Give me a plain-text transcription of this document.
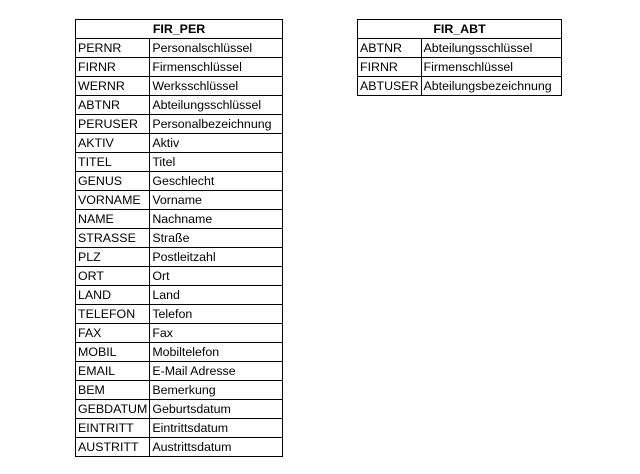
FIR_PER	
PERNR	Personalschlüssel
FIRNR	Firmenschlüssel
WERNR	Werksschlüssel
ABTNR	Abteilungsschlüssel
PERUSER	Personalbezeichnung
AKTIV	Aktiv
TITEL	Titel
GENUS	Geschlecht
VORNAME	Vorname
NAME	Nachname
STRASSE	Straße
PLZ	Postleitzahl
ORT	Ort
LAND	Land
TELEFON	Telefon
FAX	Fax
MOBIL	Mobiltelefon
EMAIL	E-Mail Adresse
BEM	Bemerkung
GEBDATUM	Geburtsdatum
EINTRITT	Eintrittsdatum
AUSTRITT	Austrittsdatum
FIR_ABT	
ABTNR	Abteilungsschlüssel
FIRNR	Firmenschlüssel
ABTUSER	Abteilungsbezeichnung
